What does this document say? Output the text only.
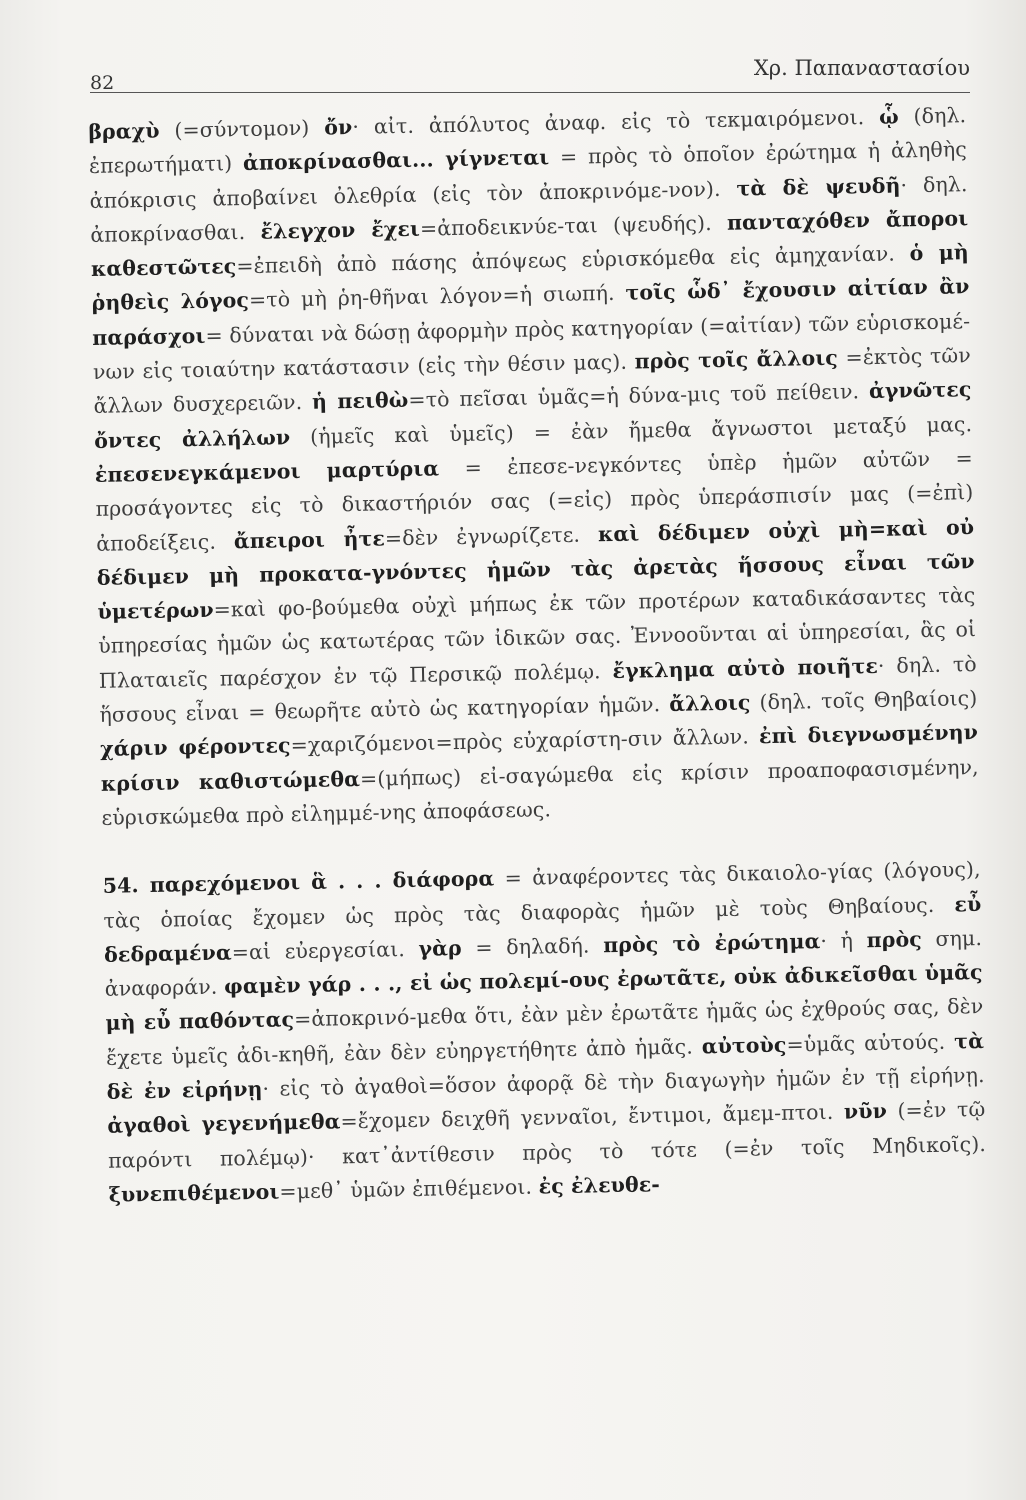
82
Χρ. Παπαναστασίου

βραχὺ (=σύντομον) ὄν· αἰτ. ἀπόλυτος ἀναφ. εἰς τὸ τεκμαιρόμενοι. ᾧ (δηλ. ἐπερωτήματι) ἀποκρίνασθαι... γίγνεται = πρὸς τὸ ὁποῖον ἐρώτημα ἡ ἀληθὴς ἀπόκρισις ἀποβαίνει ὀλεθρία (εἰς τὸν ἀποκρινόμε-νον). τὰ δὲ ψευδῆ· δηλ. ἀποκρίνασθαι. ἔλεγχον ἔχει=ἀποδεικνύε-ται (ψευδής). πανταχόθεν ἄποροι καθεστῶτες=ἐπειδὴ ἀπὸ πάσης ἀπόψεως εὑρισκόμεθα εἰς ἀμηχανίαν. ὁ μὴ ῥηθεὶς λόγος=τὸ μὴ ῥη-θῆναι λόγον=ἡ σιωπή. τοῖς ὧδ᾽ ἔχουσιν αἰτίαν ἂν παράσχοι= δύναται νὰ δώσῃ ἀφορμὴν πρὸς κατηγορίαν (=αἰτίαν) τῶν εὑρισκομέ-νων εἰς τοιαύτην κατάστασιν (εἰς τὴν θέσιν μας). πρὸς τοῖς ἄλλοις =ἐκτὸς τῶν ἄλλων δυσχερειῶν. ἡ πειθὼ=τὸ πεῖσαι ὑμᾶς=ἡ δύνα-μις τοῦ πείθειν. ἀγνῶτες ὄντες ἀλλήλων (ἡμεῖς καὶ ὑμεῖς) = ἐὰν ἤμεθα ἄγνωστοι μεταξύ μας. ἐπεσενεγκάμενοι μαρτύρια = ἐπεσε-νεγκόντες ὑπὲρ ἡμῶν αὐτῶν = προσάγοντες εἰς τὸ δικαστήριόν σας (=εἰς) πρὸς ὑπεράσπισίν μας (=ἐπὶ) ἀποδείξεις. ἄπειροι ἦτε=δὲν ἐγνωρίζετε. καὶ δέδιμεν οὐχὶ μὴ=καὶ οὐ δέδιμεν μὴ προκατα-γνόντες ἡμῶν τὰς ἀρετὰς ἥσσους εἶναι τῶν ὑμετέρων=καὶ φο-βούμεθα οὐχὶ μήπως ἐκ τῶν προτέρων καταδικάσαντες τὰς ὑπηρεσίας ἡμῶν ὡς κατωτέρας τῶν ἰδικῶν σας. Ἐννοοῦνται αἱ ὑπηρεσίαι, ἃς οἱ Πλαταιεῖς παρέσχον ἐν τῷ Περσικῷ πολέμῳ. ἔγκλημα αὐτὸ ποιῆτε· δηλ. τὸ ἥσσους εἶναι = θεωρῆτε αὐτὸ ὡς κατηγορίαν ἡμῶν. ἄλλοις (δηλ. τοῖς Θηβαίοις) χάριν φέροντες=χαριζόμενοι=πρὸς εὐχαρίστη-σιν ἄλλων. ἐπὶ διεγνωσμένην κρίσιν καθιστώμεθα=(μήπως) εἰ-σαγώμεθα εἰς κρίσιν προαποφασισμένην, εὑρισκώμεθα πρὸ εἰλημμέ-νης ἀποφάσεως.

54. παρεχόμενοι ἃ . . . διάφορα = ἀναφέροντες τὰς δικαιολο-γίας (λόγους), τὰς ὁποίας ἔχομεν ὡς πρὸς τὰς διαφορὰς ἡμῶν μὲ τοὺς Θηβαίους. εὖ δεδραμένα=αἱ εὐεργεσίαι. γὰρ = δηλαδή. πρὸς τὸ ἐρώτημα· ἡ πρὸς σημ. ἀναφοράν. φαμὲν γάρ . . ., εἰ ὡς πολεμί-ους ἐρωτᾶτε, οὐκ ἀδικεῖσθαι ὑμᾶς μὴ εὖ παθόντας=ἀποκρινό-μεθα ὅτι, ἐὰν μὲν ἐρωτᾶτε ἡμᾶς ὡς ἐχθρούς σας, δὲν ἔχετε ὑμεῖς ἀδι-κηθῆ, ἐὰν δὲν εὐηργετήθητε ἀπὸ ἡμᾶς. αὐτοὺς=ὑμᾶς αὐτούς. τὰ δὲ ἐν εἰρήνῃ· εἰς τὸ ἀγαθοὶ=ὅσον ἀφορᾷ δὲ τὴν διαγωγὴν ἡμῶν ἐν τῇ εἰρήνῃ. ἀγαθοὶ γεγενήμεθα=ἔχομεν δειχθῆ γενναῖοι, ἔντιμοι, ἄμεμ-πτοι. νῦν (=ἐν τῷ παρόντι πολέμῳ)· κατ᾽ἀντίθεσιν πρὸς τὸ τότε (=ἐν τοῖς Μηδικοῖς). ξυνεπιθέμενοι=μεθ᾽ ὑμῶν ἐπιθέμενοι. ἐς ἐλευθε-
